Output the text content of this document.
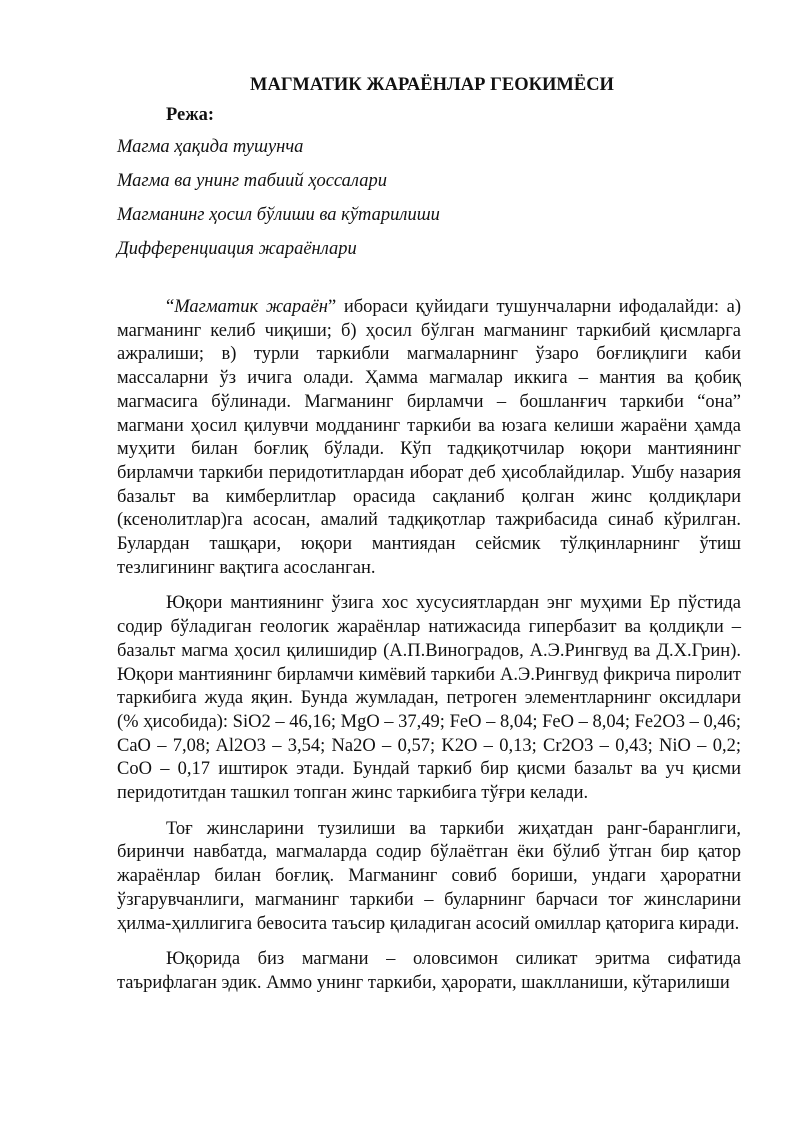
МАГМАТИК ЖАРАЁНЛАР ГЕОКИМЁСИ
Режа:
Магма ҳақида тушунча
Магма ва унинг табиий ҳоссалари
Магманинг ҳосил бўлиши ва кўтарилиши
Дифференциация жараёнлари

“Магматик жараён” ибораси қуйидаги тушунчаларни ифодалайди: а) магманинг келиб чиқиши; б) ҳосил бўлган магманинг таркибий қисмларга ажралиши; в) турли таркибли магмаларнинг ўзаро боғлиқлиги каби массаларни ўз ичига олади. Ҳамма магмалар иккига – мантия ва қобиқ магмасига бўлинади. Магманинг бирламчи – бошланғич таркиби “она” магмани ҳосил қилувчи модданинг таркиби ва юзага келиши жараёни ҳамда муҳити билан боғлиқ бўлади. Кўп тадқиқотчилар юқори мантиянинг бирламчи таркиби перидотитлардан иборат деб ҳисоблайдилар. Ушбу назария базальт ва кимберлитлар орасида сақланиб қолган жинс қолдиқлари (ксенолитлар)га асосан, амалий тадқиқотлар тажрибасида синаб кўрилган. Булардан ташқари, юқори мантиядан сейсмик тўлқинларнинг ўтиш тезлигининг вақтига асосланган.

Юқори мантиянинг ўзига хос хусусиятлардан энг муҳими Ер пўстида содир бўладиган геологик жараёнлар натижасида гипербазит ва қолдиқли – базальт магма ҳосил қилишидир (А.П.Виноградов, А.Э.Рингвуд ва Д.Х.Грин). Юқори мантиянинг бирламчи кимёвий таркиби А.Э.Рингвуд фикрича пиролит таркибига жуда яқин. Бунда жумладан, петроген элементларнинг оксидлари (% ҳисобида): SiO2 – 46,16; MgO – 37,49; FeO – 8,04; FeO – 8,04; Fe2O3 – 0,46; CaO – 7,08; Al2O3 – 3,54; Na2O – 0,57; K2O – 0,13; Cr2O3 – 0,43; NiO – 0,2; CoO – 0,17 иштирок этади. Бундай таркиб бир қисми базальт ва уч қисми перидотитдан ташкил топган жинс таркибига тўғри келади.

Тоғ жинсларини тузилиши ва таркиби жиҳатдан ранг-баранглиги, биринчи навбатда, магмаларда содир бўлаётган ёки бўлиб ўтган бир қатор жараёнлар билан боғлиқ. Магманинг совиб бориши, ундаги ҳароратни ўзгарувчанлиги, магманинг таркиби – буларнинг барчаси тоғ жинсларини ҳилма-ҳиллигига бевосита таъсир қиладиган асосий омиллар қаторига киради.

Юқорида биз магмани – оловсимон силикат эритма сифатида таърифлаган эдик. Аммо унинг таркиби, ҳарорати, шаклланиши, кўтарилиши
